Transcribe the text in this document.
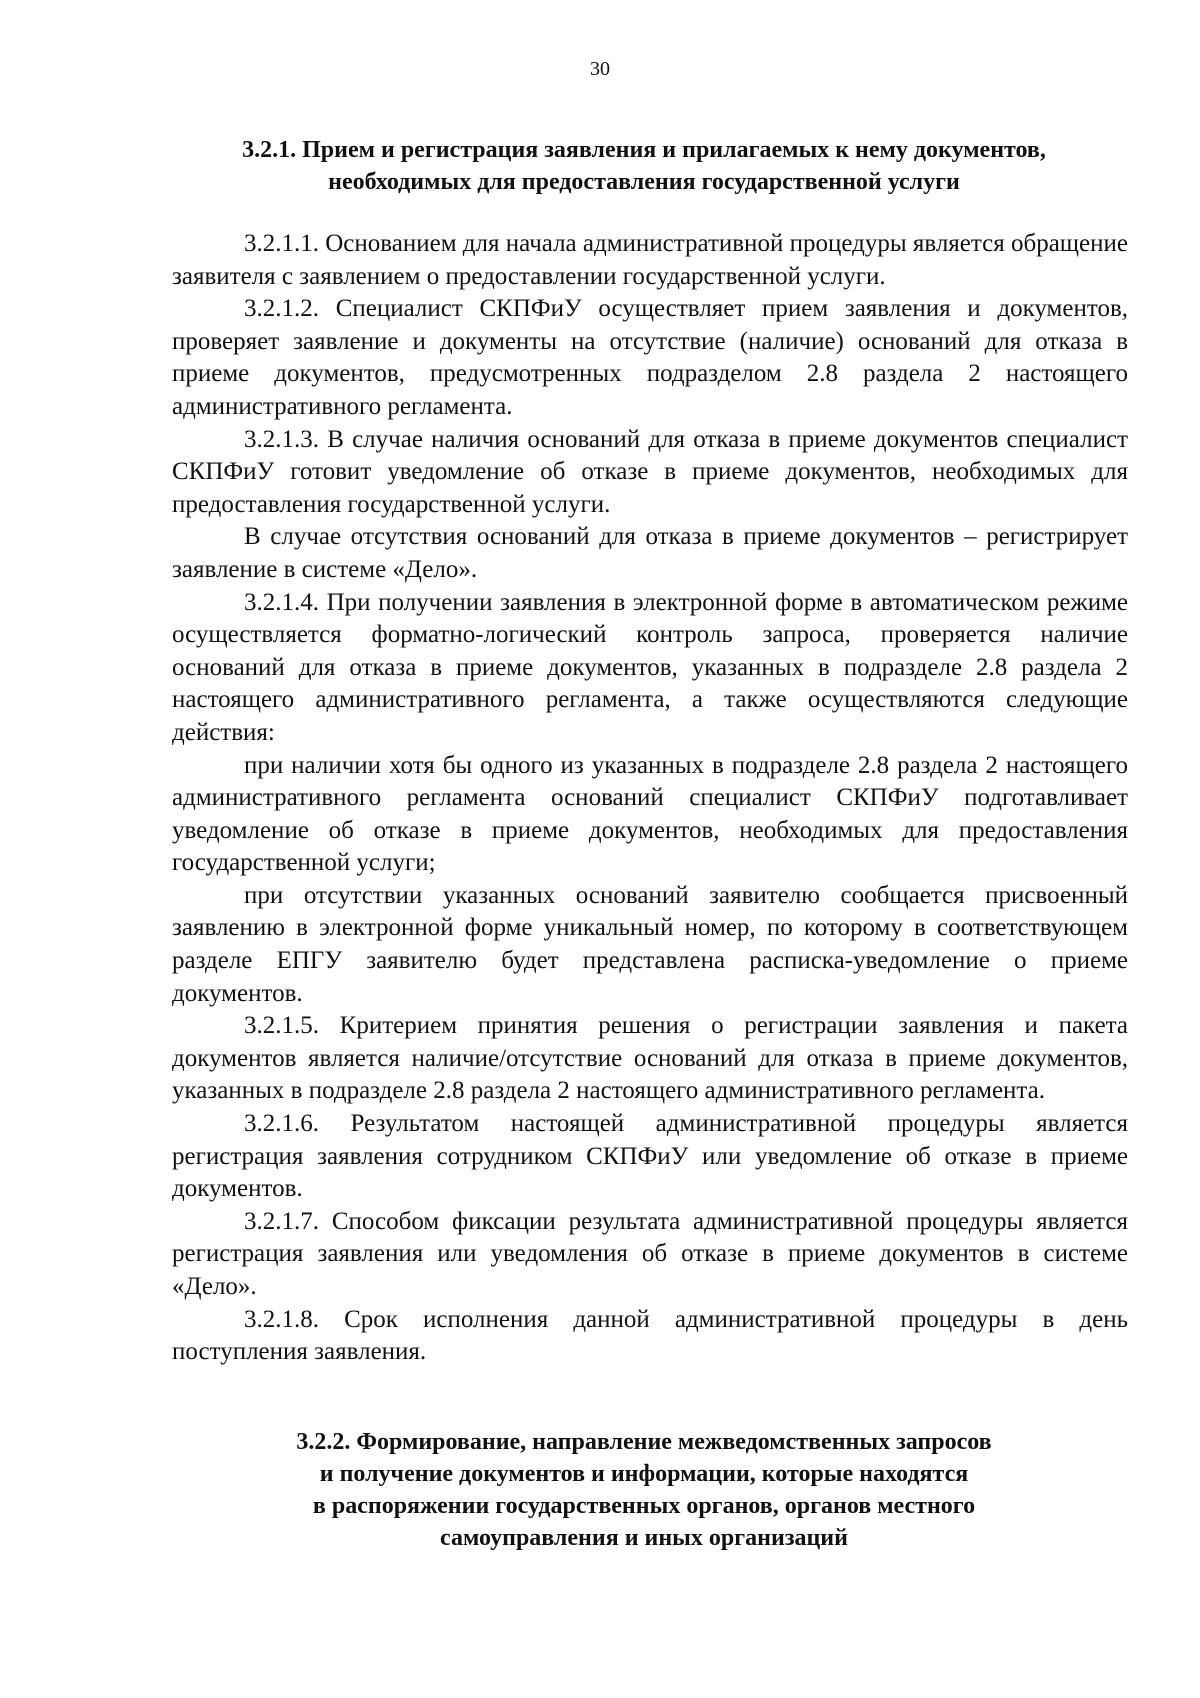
30
3.2.1. Прием и регистрация заявления и прилагаемых к нему документов,
необходимых для предоставления государственной услуги

3.2.1.1. Основанием для начала административной процедуры является обращение заявителя с заявлением о предоставлении государственной услуги.

3.2.1.2. Специалист СКПФиУ осуществляет прием заявления и документов, проверяет заявление и документы на отсутствие (наличие) оснований для отказа в приеме документов, предусмотренных подразделом 2.8 раздела 2 настоящего административного регламента.

3.2.1.3. В случае наличия оснований для отказа в приеме документов специалист СКПФиУ готовит уведомление об отказе в приеме документов, необходимых для предоставления государственной услуги.

В случае отсутствия оснований для отказа в приеме документов – регистрирует заявление в системе «Дело».

3.2.1.4. При получении заявления в электронной форме в автоматическом режиме осуществляется форматно-логический контроль запроса, проверяется наличие оснований для отказа в приеме документов, указанных в подразделе 2.8 раздела 2 настоящего административного регламента, а также осуществляются следующие действия:

при наличии хотя бы одного из указанных в подразделе 2.8 раздела 2 настоящего административного регламента оснований специалист СКПФиУ подготавливает уведомление об отказе в приеме документов, необходимых для предоставления государственной услуги;

при отсутствии указанных оснований заявителю сообщается присвоенный заявлению в электронной форме уникальный номер, по которому в соответствующем разделе ЕПГУ заявителю будет представлена расписка-уведомление о приеме документов.

3.2.1.5. Критерием принятия решения о регистрации заявления и пакета документов является наличие/отсутствие оснований для отказа в приеме документов, указанных в подразделе 2.8 раздела 2 настоящего административного регламента.

3.2.1.6. Результатом настоящей административной процедуры является регистрация заявления сотрудником СКПФиУ или уведомление об отказе в приеме документов.

3.2.1.7. Способом фиксации результата административной процедуры является регистрация заявления или уведомления об отказе в приеме документов в системе «Дело».

3.2.1.8. Срок исполнения данной административной процедуры в день поступления заявления.

3.2.2. Формирование, направление межведомственных запросов
и получение документов и информации, которые находятся
в распоряжении государственных органов, органов местного
самоуправления и иных организаций
